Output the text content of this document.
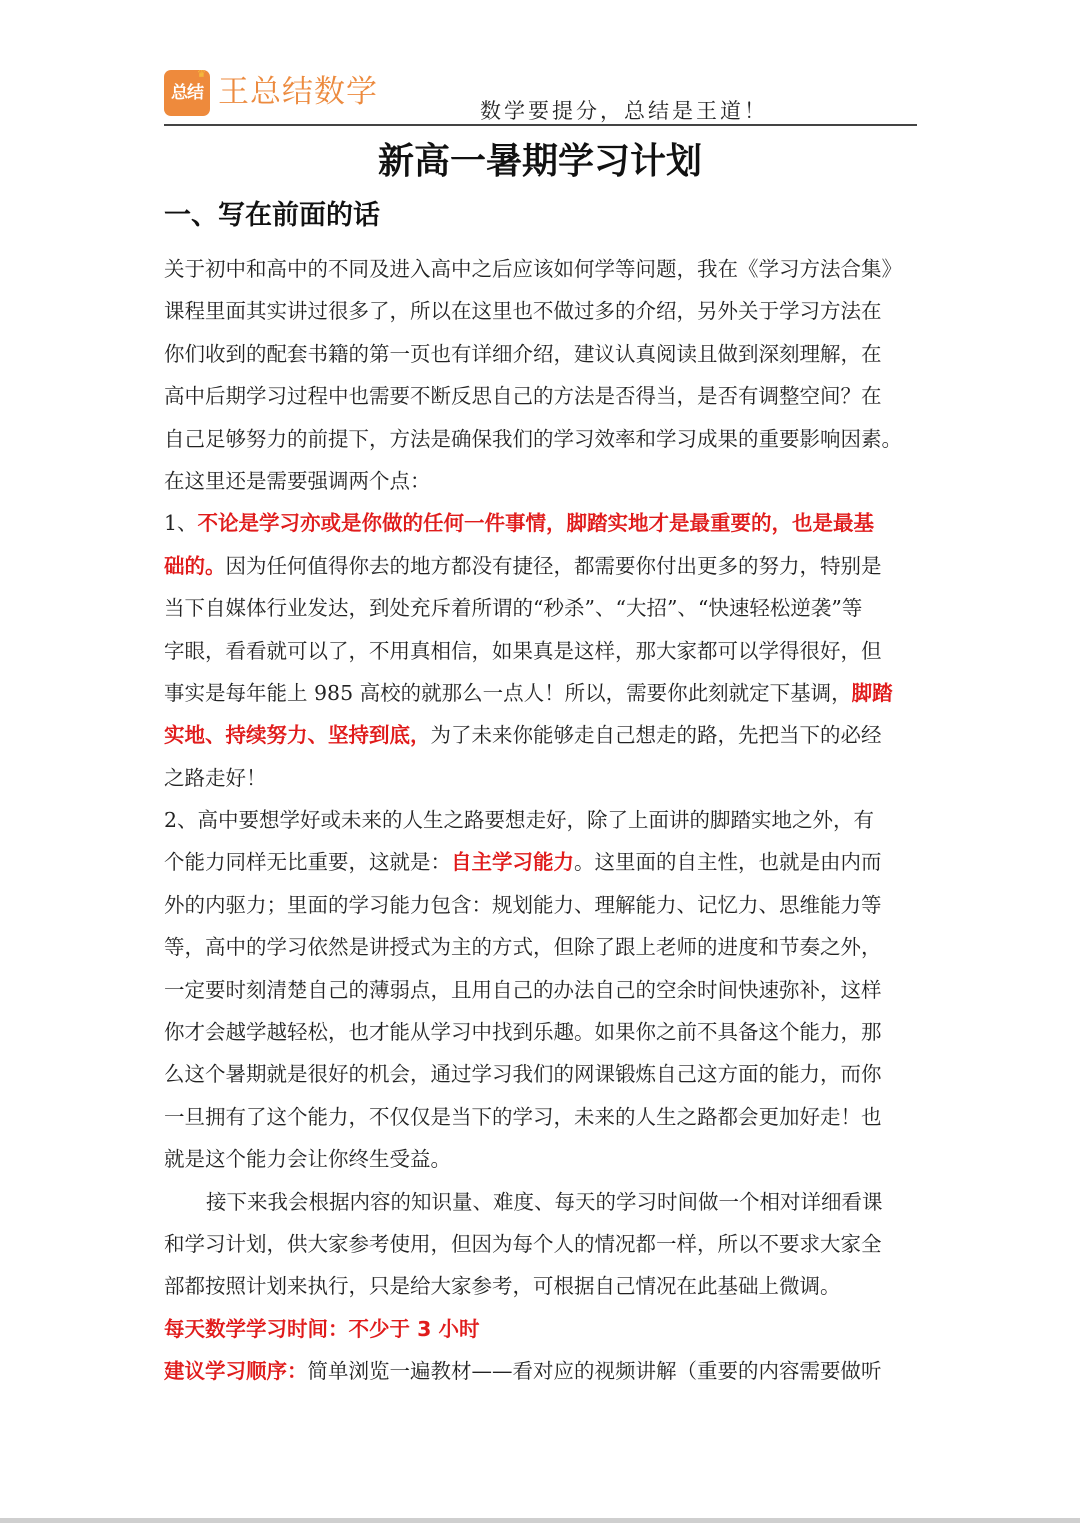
♛
总结 王总结数学
数学要提分，总结是王道！
新高一暑期学习计划
一、写在前面的话
关于初中和高中的不同及进入高中之后应该如何学等问题，我在《学习方法合集》
课程里面其实讲过很多了，所以在这里也不做过多的介绍，另外关于学习方法在
你们收到的配套书籍的第一页也有详细介绍，建议认真阅读且做到深刻理解，在
高中后期学习过程中也需要不断反思自己的方法是否得当，是否有调整空间？在
自己足够努力的前提下，方法是确保我们的学习效率和学习成果的重要影响因素。
在这里还是需要强调两个点：
1、不论是学习亦或是你做的任何一件事情，脚踏实地才是最重要的，也是最基
础的。因为任何值得你去的地方都没有捷径，都需要你付出更多的努力，特别是
当下自媒体行业发达，到处充斥着所谓的“秒杀”、“大招”、“快速轻松逆袭”等
字眼，看看就可以了，不用真相信，如果真是这样，那大家都可以学得很好，但
事实是每年能上 985 高校的就那么一点人！所以，需要你此刻就定下基调，脚踏
实地、持续努力、坚持到底，为了未来你能够走自己想走的路，先把当下的必经
之路走好！
2、高中要想学好或未来的人生之路要想走好，除了上面讲的脚踏实地之外，有
个能力同样无比重要，这就是：自主学习能力。这里面的自主性，也就是由内而
外的内驱力；里面的学习能力包含：规划能力、理解能力、记忆力、思维能力等
等，高中的学习依然是讲授式为主的方式，但除了跟上老师的进度和节奏之外，
一定要时刻清楚自己的薄弱点，且用自己的办法自己的空余时间快速弥补，这样
你才会越学越轻松，也才能从学习中找到乐趣。如果你之前不具备这个能力，那
么这个暑期就是很好的机会，通过学习我们的网课锻炼自己这方面的能力，而你
一旦拥有了这个能力，不仅仅是当下的学习，未来的人生之路都会更加好走！也
就是这个能力会让你终生受益。
接下来我会根据内容的知识量、难度、每天的学习时间做一个相对详细看课
和学习计划，供大家参考使用，但因为每个人的情况都一样，所以不要求大家全
部都按照计划来执行，只是给大家参考，可根据自己情况在此基础上微调。
每天数学学习时间：不少于 3 小时
建议学习顺序：简单浏览一遍教材——看对应的视频讲解（重要的内容需要做听
